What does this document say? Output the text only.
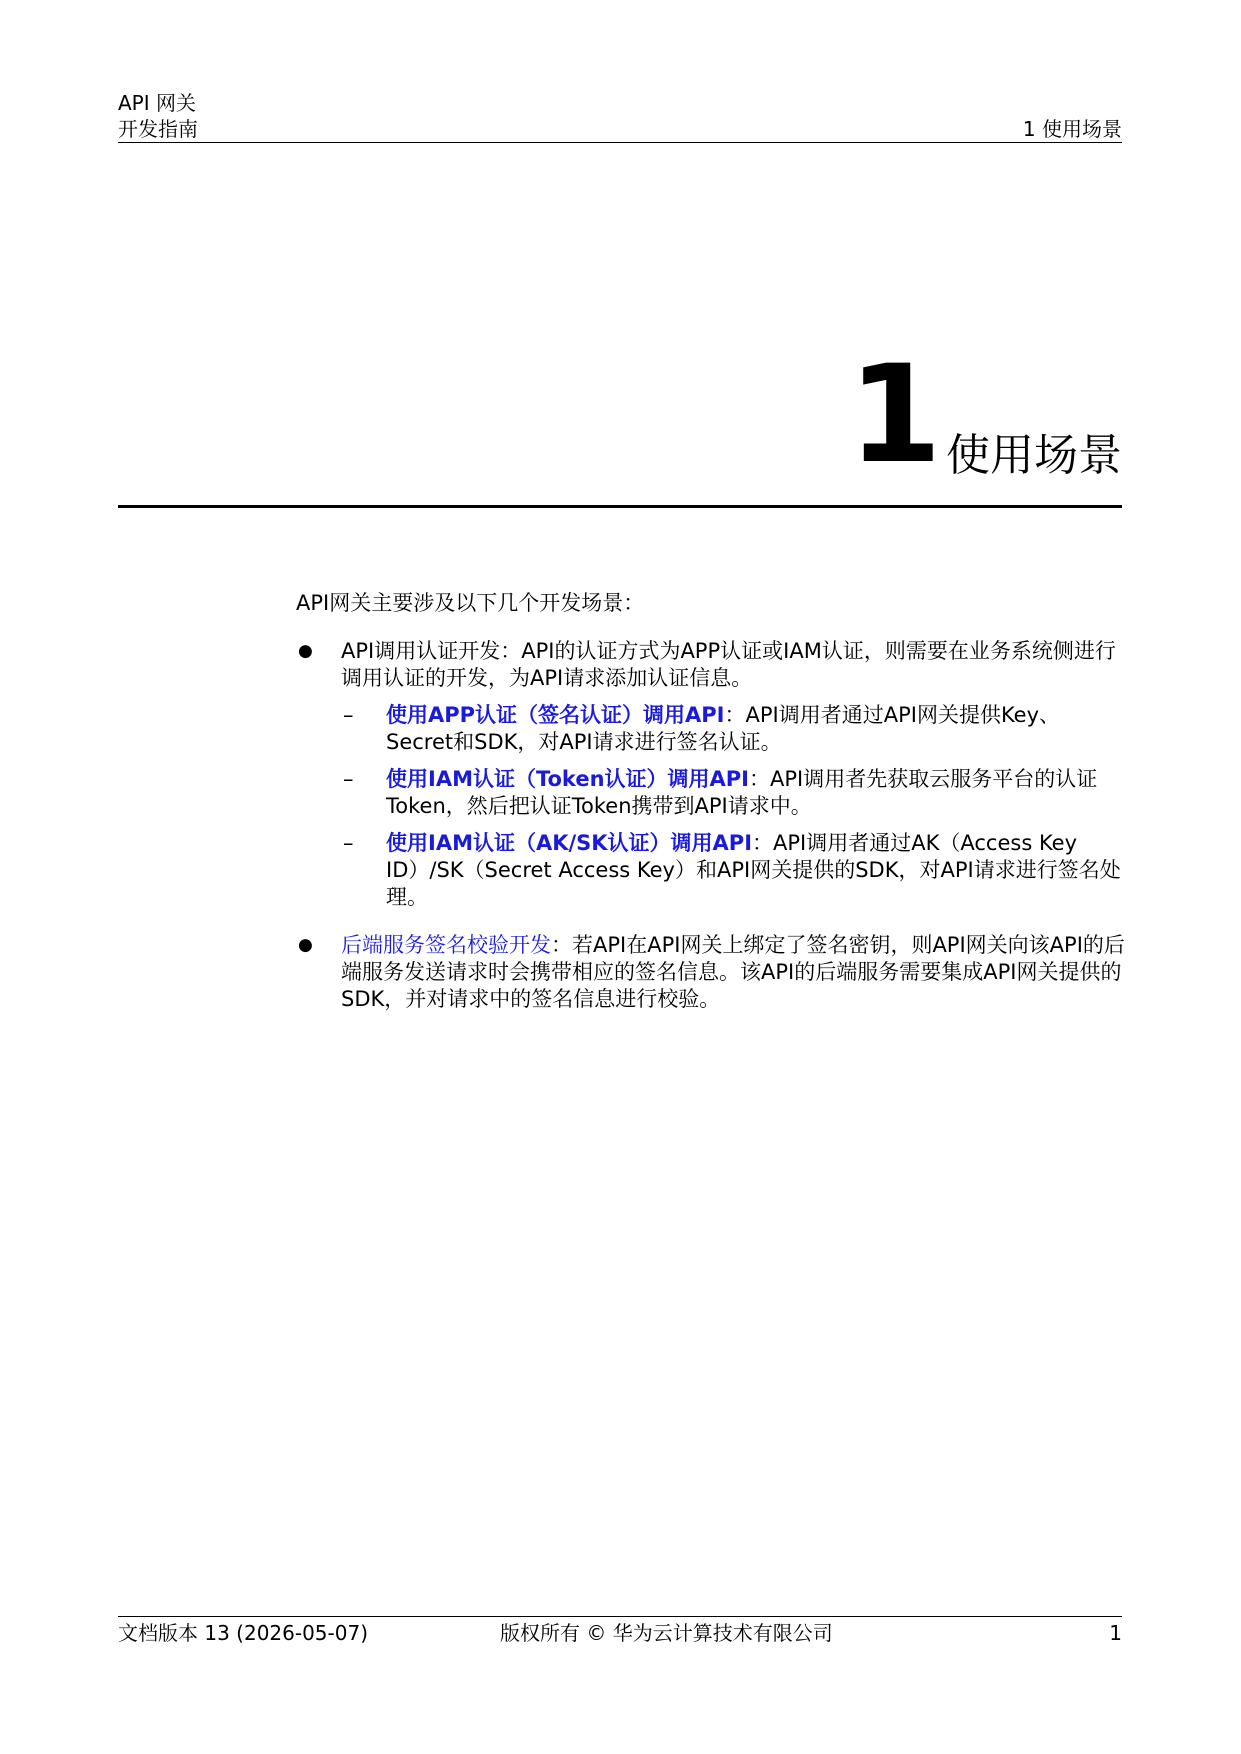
API 网关
开发指南	1 使用场景
1 使用场景

API网关主要涉及以下几个开发场景：

● API调用认证开发：API的认证方式为APP认证或IAM认证，则需要在业务系统侧进行调用认证的开发，为API请求添加认证信息。
– 使用APP认证（签名认证）调用API：API调用者通过API网关提供Key、Secret和SDK，对API请求进行签名认证。
– 使用IAM认证（Token认证）调用API：API调用者先获取云服务平台的认证Token，然后把认证Token携带到API请求中。
– 使用IAM认证（AK/SK认证）调用API：API调用者通过AK（Access Key ID）/SK（Secret Access Key）和API网关提供的SDK，对API请求进行签名处理。
● 后端服务签名校验开发：若API在API网关上绑定了签名密钥，则API网关向该API的后端服务发送请求时会携带相应的签名信息。该API的后端服务需要集成API网关提供的SDK，并对请求中的签名信息进行校验。
文档版本 13 (2026-05-07)	版权所有 © 华为云计算技术有限公司	1
